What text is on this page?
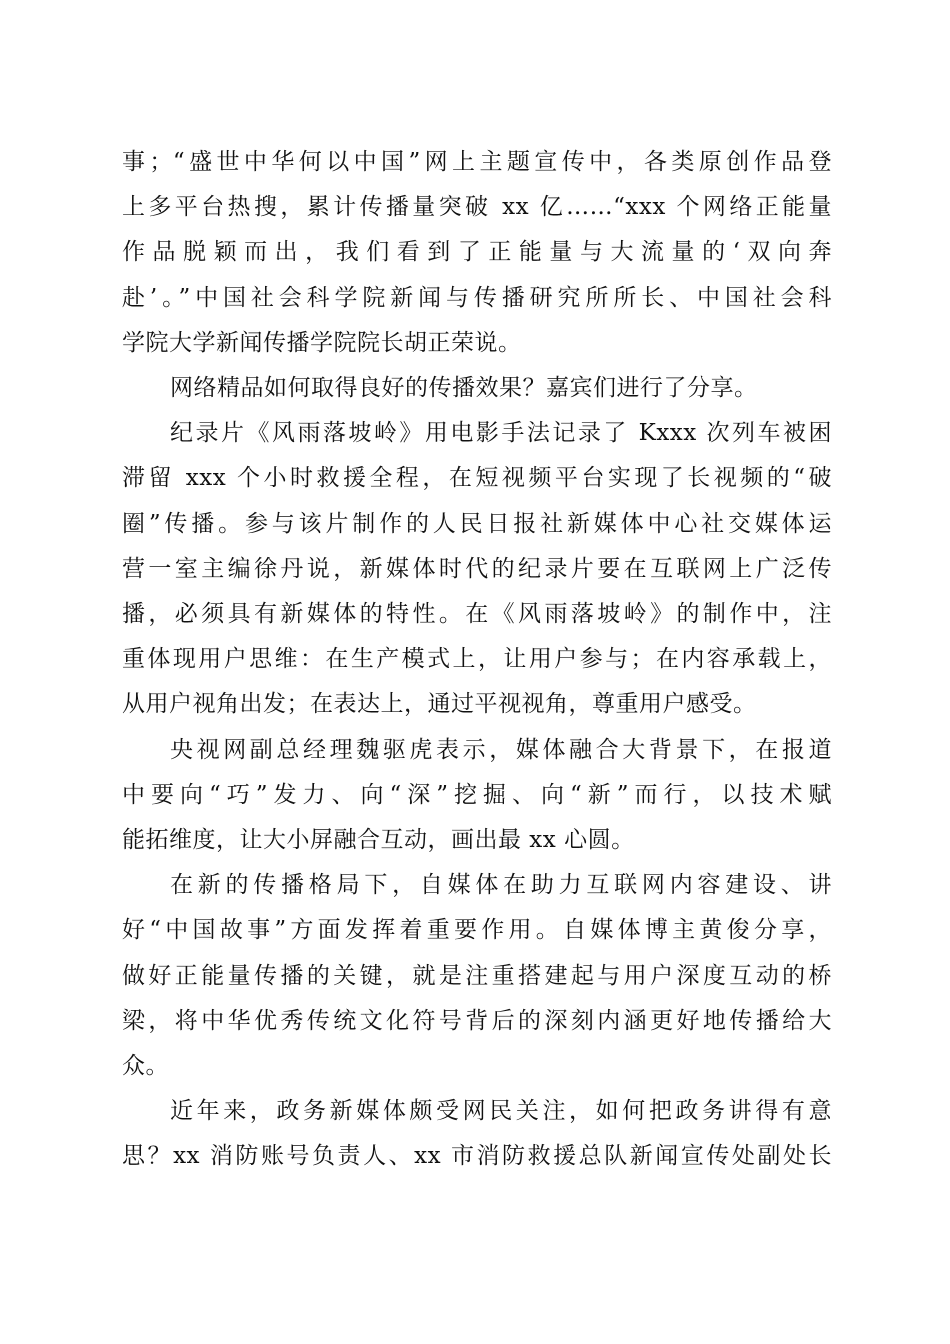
事；“盛世中华何以中国”网上主题宣传中，各类原创作品登
上多平台热搜，累计传播量突破 xx 亿……“xxx 个网络正能量
作品脱颖而出，我们看到了正能量与大流量的‘双向奔
赴’。”中国社会科学院新闻与传播研究所所长、中国社会科
学院大学新闻传播学院院长胡正荣说。

网络精品如何取得良好的传播效果？嘉宾们进行了分享。

纪录片《风雨落坡岭》用电影手法记录了 Kxxx 次列车被困
滞留 xxx 个小时救援全程，在短视频平台实现了长视频的“破
圈”传播。参与该片制作的人民日报社新媒体中心社交媒体运
营一室主编徐丹说，新媒体时代的纪录片要在互联网上广泛传
播，必须具有新媒体的特性。在《风雨落坡岭》的制作中，注
重体现用户思维：在生产模式上，让用户参与；在内容承载上，
从用户视角出发；在表达上，通过平视视角，尊重用户感受。

央视网副总经理魏驱虎表示，媒体融合大背景下，在报道
中要向“巧”发力、向“深”挖掘、向“新”而行，以技术赋
能拓维度，让大小屏融合互动，画出最 xx 心圆。

在新的传播格局下，自媒体在助力互联网内容建设、讲
好“中国故事”方面发挥着重要作用。自媒体博主黄俊分享，
做好正能量传播的关键，就是注重搭建起与用户深度互动的桥
梁，将中华优秀传统文化符号背后的深刻内涵更好地传播给大
众。

近年来，政务新媒体颇受网民关注，如何把政务讲得有意
思？xx 消防账号负责人、xx 市消防救援总队新闻宣传处副处长
